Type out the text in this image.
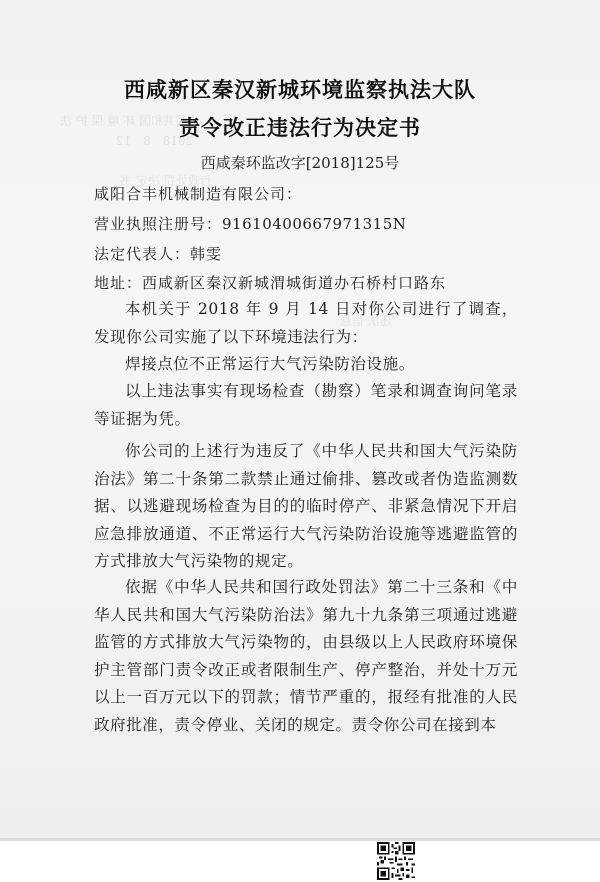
人民共和国 环 境 保 护 法
　　2018　8　12 　
行政处罚 决定 书
违法 信息
西咸新区秦汉新城环境监察执法大队
责令改正违法行为决定书
西咸秦环监改字[2018]125号
咸阳合丰机械制造有限公司：
营业执照注册号：91610400667971315N
法定代表人：韩雯
地址：西咸新区秦汉新城渭城街道办石桥村口路东
本机关于 2018 年 9 月 14 日对你公司进行了调查，发现你公司实施了以下环境违法行为：
焊接点位不正常运行大气污染防治设施。
以上违法事实有现场检查（勘察）笔录和调查询问笔录等证据为凭。
你公司的上述行为违反了《中华人民共和国大气污染防治法》第二十条第二款禁止通过偷排、篡改或者伪造监测数据、以逃避现场检查为目的的临时停产、非紧急情况下开启应急排放通道、不正常运行大气污染防治设施等逃避监管的方式排放大气污染物的规定。
依据《中华人民共和国行政处罚法》第二十三条和《中华人民共和国大气污染防治法》第九十九条第三项通过逃避监管的方式排放大气污染物的，由县级以上人民政府环境保护主管部门责令改正或者限制生产、停产整治，并处十万元以上一百万元以下的罚款；情节严重的，报经有批准的人民政府批准，责令停业、关闭的规定。责令你公司在接到本
